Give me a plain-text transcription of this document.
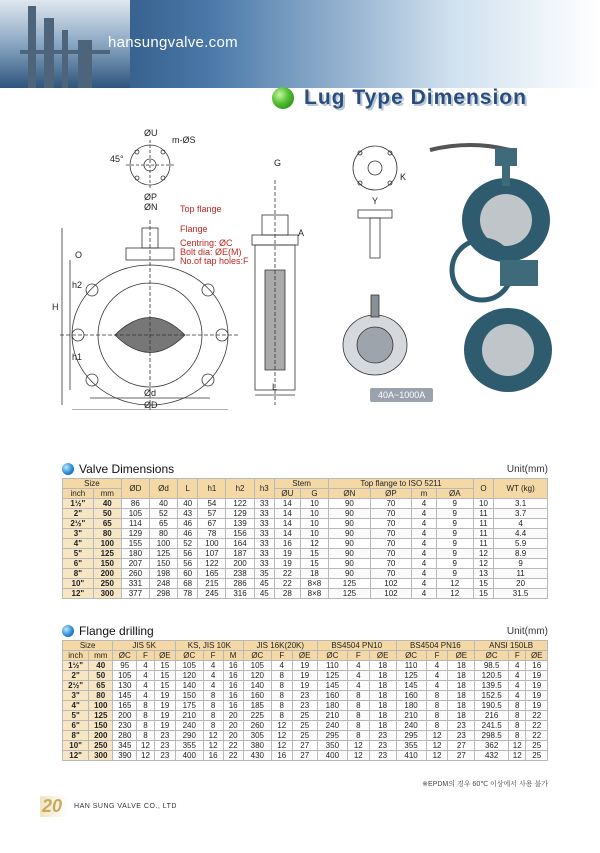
hansungvalve.com
Lug Type Dimension
ØU
m-ØS
45°
ØP
ØN	Top flange
Flange
Centring: ØC
Bolt dia: ØE(M)
No.of tap holes:F
O
H
h2
h1
Ød
ØD
G
K
Y
L
A
40A~1000A
Valve Dimensions	Unit(mm)
Size		ØD	Ød	L	h1	h2	h3	Stem		Top flange to ISO 5211				O	WT (kg)
inch	mm							ØU	G	ØN	ØP	m	ØA		
1½"	40	86	40	40	54	122	33	14	10	90	70	4	9	10	3.1
2"	50	105	52	43	57	129	33	14	10	90	70	4	9	11	3.7
2½"	65	114	65	46	67	139	33	14	10	90	70	4	9	11	4
3"	80	129	80	46	78	156	33	14	10	90	70	4	9	11	4.4
4"	100	155	100	52	100	164	33	16	12	90	70	4	9	11	5.9
5"	125	180	125	56	107	187	33	19	15	90	70	4	9	12	8.9
6"	150	207	150	56	122	200	33	19	15	90	70	4	9	12	9
8"	200	260	198	60	165	238	35	22	18	90	70	4	9	13	11
10"	250	331	248	68	215	286	45	22	8×8	125	102	4	12	15	20
12"	300	377	298	78	245	316	45	28	8×8	125	102	4	12	15	31.5
Flange drilling	Unit(mm)
Size		JIS 5K			KS, JIS 10K			JIS 16K(20K)			BS4504 PN10			BS4504 PN16			ANSI 150LB		
inch	mm	ØC	F	ØE	ØC	F	M	ØC	F	ØE	ØC	F	ØE	ØC	F	ØE	ØC	F	ØE
1½"	40	95	4	15	105	4	16	105	4	19	110	4	18	110	4	18	98.5	4	16
2"	50	105	4	15	120	4	16	120	8	19	125	4	18	125	4	18	120.5	4	19
2½"	65	130	4	15	140	4	16	140	8	19	145	4	18	145	4	18	139.5	4	19
3"	80	145	4	19	150	8	16	160	8	23	160	8	18	160	8	18	152.5	4	19
4"	100	165	8	19	175	8	16	185	8	23	180	8	18	180	8	18	190.5	8	19
5"	125	200	8	19	210	8	20	225	8	25	210	8	18	210	8	18	216	8	22
6"	150	230	8	19	240	8	20	260	12	25	240	8	18	240	8	23	241.5	8	22
8"	200	280	8	23	290	12	20	305	12	25	295	8	23	295	12	23	298.5	8	22
10"	250	345	12	23	355	12	22	380	12	27	350	12	23	355	12	27	362	12	25
12"	300	390	12	23	400	16	22	430	16	27	400	12	23	410	12	27	432	12	25
※EPDM의 경우 60℃ 이상에서 사용 불가
20	HAN SUNG VALVE CO., LTD
